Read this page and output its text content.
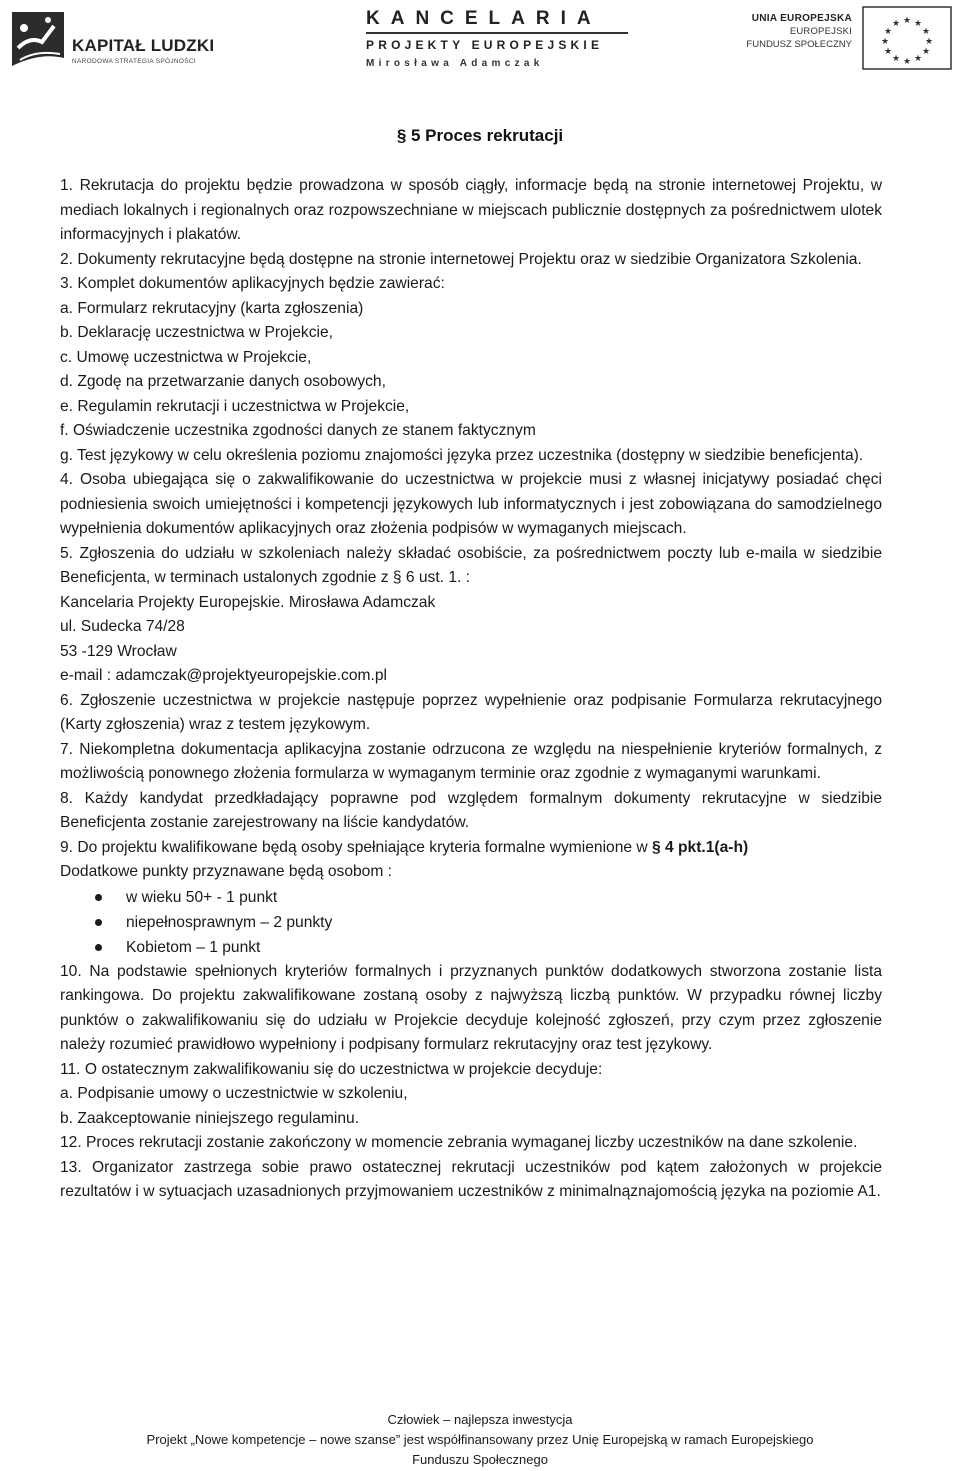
KAPITAŁ LUDZKI
NARODOWA STRATEGIA SPÓJNOŚCI
KANCELARIA
PROJEKTY EUROPEJSKIE
Mirosława Adamczak
UNIA EUROPEJSKA
EUROPEJSKI
FUNDUSZ SPOŁECZNY
★ ★
★
★
★
★
★
★
★
★
★
★
§ 5 Proces rekrutacji

1. Rekrutacja do projektu będzie prowadzona w sposób ciągły, informacje będą na stronie internetowej Projektu, w mediach lokalnych i regionalnych oraz rozpowszechniane w miejscach publicznie dostępnych za pośrednictwem ulotek informacyjnych i plakatów.

2. Dokumenty rekrutacyjne będą dostępne na stronie internetowej Projektu oraz w siedzibie Organizatora Szkolenia.

3. Komplet dokumentów aplikacyjnych będzie zawierać:

a. Formularz rekrutacyjny (karta zgłoszenia)

b. Deklarację uczestnictwa w Projekcie,

c. Umowę uczestnictwa w Projekcie,

d. Zgodę na przetwarzanie danych osobowych,

e. Regulamin rekrutacji i uczestnictwa w Projekcie,

f. Oświadczenie uczestnika zgodności danych ze stanem faktycznym

g. Test językowy w celu określenia poziomu znajomości języka przez uczestnika (dostępny w siedzibie beneficjenta).

4. Osoba ubiegająca się o zakwalifikowanie do uczestnictwa w projekcie musi z własnej inicjatywy posiadać chęci podniesienia swoich umiejętności i kompetencji językowych lub informatycznych i jest zobowiązana do samodzielnego wypełnienia dokumentów aplikacyjnych oraz złożenia podpisów w wymaganych miejscach.

5. Zgłoszenia do udziału w szkoleniach należy składać osobiście, za pośrednictwem poczty lub e-maila w siedzibie Beneficjenta, w terminach ustalonych zgodnie z § 6 ust. 1. :

Kancelaria Projekty Europejskie. Mirosława Adamczak

ul. Sudecka 74/28

53 -129 Wrocław

e-mail : adamczak@projektyeuropejskie.com.pl

6. Zgłoszenie uczestnictwa w projekcie następuje poprzez wypełnienie oraz podpisanie Formularza rekrutacyjnego (Karty zgłoszenia) wraz z testem językowym.

7. Niekompletna dokumentacja aplikacyjna zostanie odrzucona ze względu na niespełnienie kryteriów formalnych, z możliwością ponownego złożenia formularza w wymaganym terminie oraz zgodnie z wymaganymi warunkami.

8. Każdy kandydat przedkładający poprawne pod względem formalnym dokumenty rekrutacyjne w siedzibie Beneficjenta zostanie zarejestrowany na liście kandydatów.

9. Do projektu kwalifikowane będą osoby spełniające kryteria formalne wymienione w § 4 pkt.1(a-h)

Dodatkowe punkty przyznawane będą osobom :

w wieku 50+ - 1 punkt
niepełnosprawnym – 2 punkty
Kobietom – 1 punkt

10. Na podstawie spełnionych kryteriów formalnych i przyznanych punktów dodatkowych stworzona zostanie lista rankingowa. Do projektu zakwalifikowane zostaną osoby z najwyższą liczbą punktów. W przypadku równej liczby punktów o zakwalifikowaniu się do udziału w Projekcie decyduje kolejność zgłoszeń, przy czym przez zgłoszenie należy rozumieć prawidłowo wypełniony i podpisany formularz rekrutacyjny oraz test językowy.

11. O ostatecznym zakwalifikowaniu się do uczestnictwa w projekcie decyduje:

a. Podpisanie umowy o uczestnictwie w szkoleniu,

b. Zaakceptowanie niniejszego regulaminu.

12. Proces rekrutacji zostanie zakończony w momencie zebrania wymaganej liczby uczestników na dane szkolenie.

13. Organizator zastrzega sobie prawo ostatecznej rekrutacji uczestników pod kątem założonych w projekcie rezultatów i w sytuacjach uzasadnionych przyjmowaniem uczestników z minimalnąznajomością języka na poziomie A1.

Człowiek – najlepsza inwestycja
Projekt „Nowe kompetencje – nowe szanse” jest współfinansowany przez Unię Europejską w ramach Europejskiego
Funduszu Społecznego
